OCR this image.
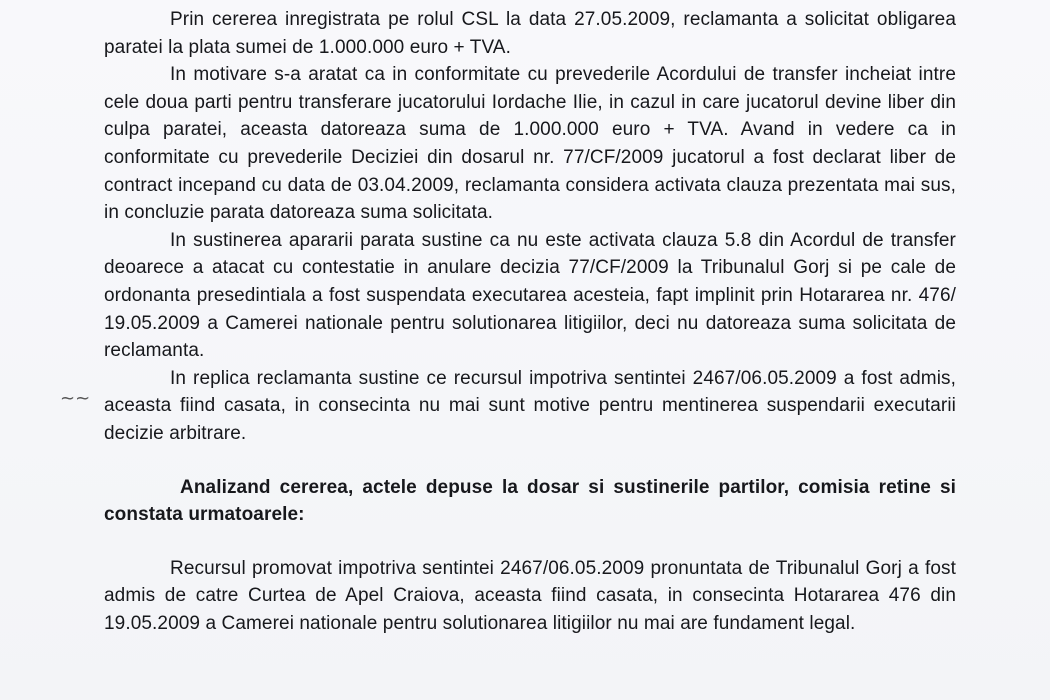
~~

Prin cererea inregistrata pe rolul CSL la data 27.05.2009, reclamanta a solicitat obligarea paratei la plata sumei de 1.000.000 euro + TVA.

In motivare s-a aratat ca in conformitate cu prevederile Acordului de transfer incheiat intre cele doua parti pentru transferare jucatorului Iordache Ilie, in cazul in care jucatorul devine liber din culpa paratei, aceasta datoreaza suma de 1.000.000 euro + TVA. Avand in vedere ca in conformitate cu prevederile Deciziei din dosarul nr. 77/CF/2009 jucatorul a fost declarat liber de contract incepand cu data de 03.04.2009, reclamanta considera activata clauza prezentata mai sus, in concluzie parata datoreaza suma solicitata.

In sustinerea apararii parata sustine ca nu este activata clauza 5.8 din Acordul de transfer deoarece a atacat cu contestatie in anulare decizia 77/CF/2009 la Tribunalul Gorj si pe cale de ordonanta presedintiala a fost suspendata executarea acesteia, fapt implinit prin Hotararea nr. 476/ 19.05.2009 a Camerei nationale pentru solutionarea litigiilor, deci nu datoreaza suma solicitata de reclamanta.

In replica reclamanta sustine ce recursul impotriva sentintei 2467/06.05.2009 a fost admis, aceasta fiind casata, in consecinta nu mai sunt motive pentru mentinerea suspendarii executarii decizie arbitrare.

Analizand cererea, actele depuse la dosar si sustinerile partilor, comisia retine si constata urmatoarele:

Recursul promovat impotriva sentintei 2467/06.05.2009 pronuntata de Tribunalul Gorj a fost admis de catre Curtea de Apel Craiova, aceasta fiind casata, in consecinta Hotararea 476 din 19.05.2009 a Camerei nationale pentru solutionarea litigiilor nu mai are fundament legal.
